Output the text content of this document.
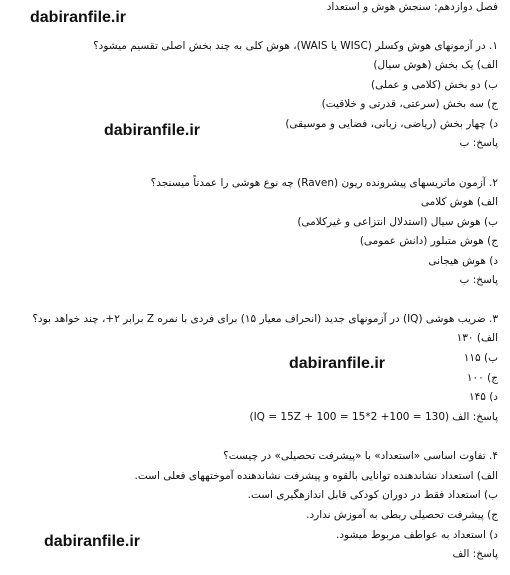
فصل دوازدهم: سنجش هوش و استعداد
dabiranfile.ir
dabiranfile.ir
dabiranfile.ir
dabiranfile.ir
۱. در آزمونهای هوش وکسلر (WISC یا WAIS)، هوش کلی به چند بخش اصلی تقسیم میشود؟
الف) یک بخش (هوش سیال)
ب) دو بخش (کلامی و عملی)
ج) سه بخش (سرعتی، قدرتی و خلاقیت)
د) چهار بخش (ریاضی، زبانی، فضایی و موسیقی)
پاسخ: ب
۲. آزمون ماتریسهای پیشرونده ریون (Raven) چه نوع هوشی را عمدتاً میسنجد؟
الف) هوش کلامی
ب) هوش سیال (استدلال انتزاعی و غیرکلامی)
ج) هوش متبلور (دانش عمومی)
د) هوش هیجانی
پاسخ: ب
۳. ضریب هوشی (IQ) در آزمونهای جدید (انحراف معیار ۱۵) برای فردی با نمره Z برابر ۲+، چند خواهد بود؟
الف) ۱۳۰
ب) ۱۱۵
ج) ۱۰۰
د) ۱۴۵
پاسخ: الف (130 = 100+ 2*15 = IQ = 15Z + 100)
۴. تفاوت اساسی «استعداد» با «پیشرفت تحصیلی» در چیست؟
الف) استعداد نشاندهنده توانایی بالقوه و پیشرفت نشاندهنده آموختههای فعلی است.
ب) استعداد فقط در دوران کودکی قابل اندازهگیری است.
ج) پیشرفت تحصیلی ربطی به آموزش ندارد.
د) استعداد به عواطف مربوط میشود.
پاسخ: الف
